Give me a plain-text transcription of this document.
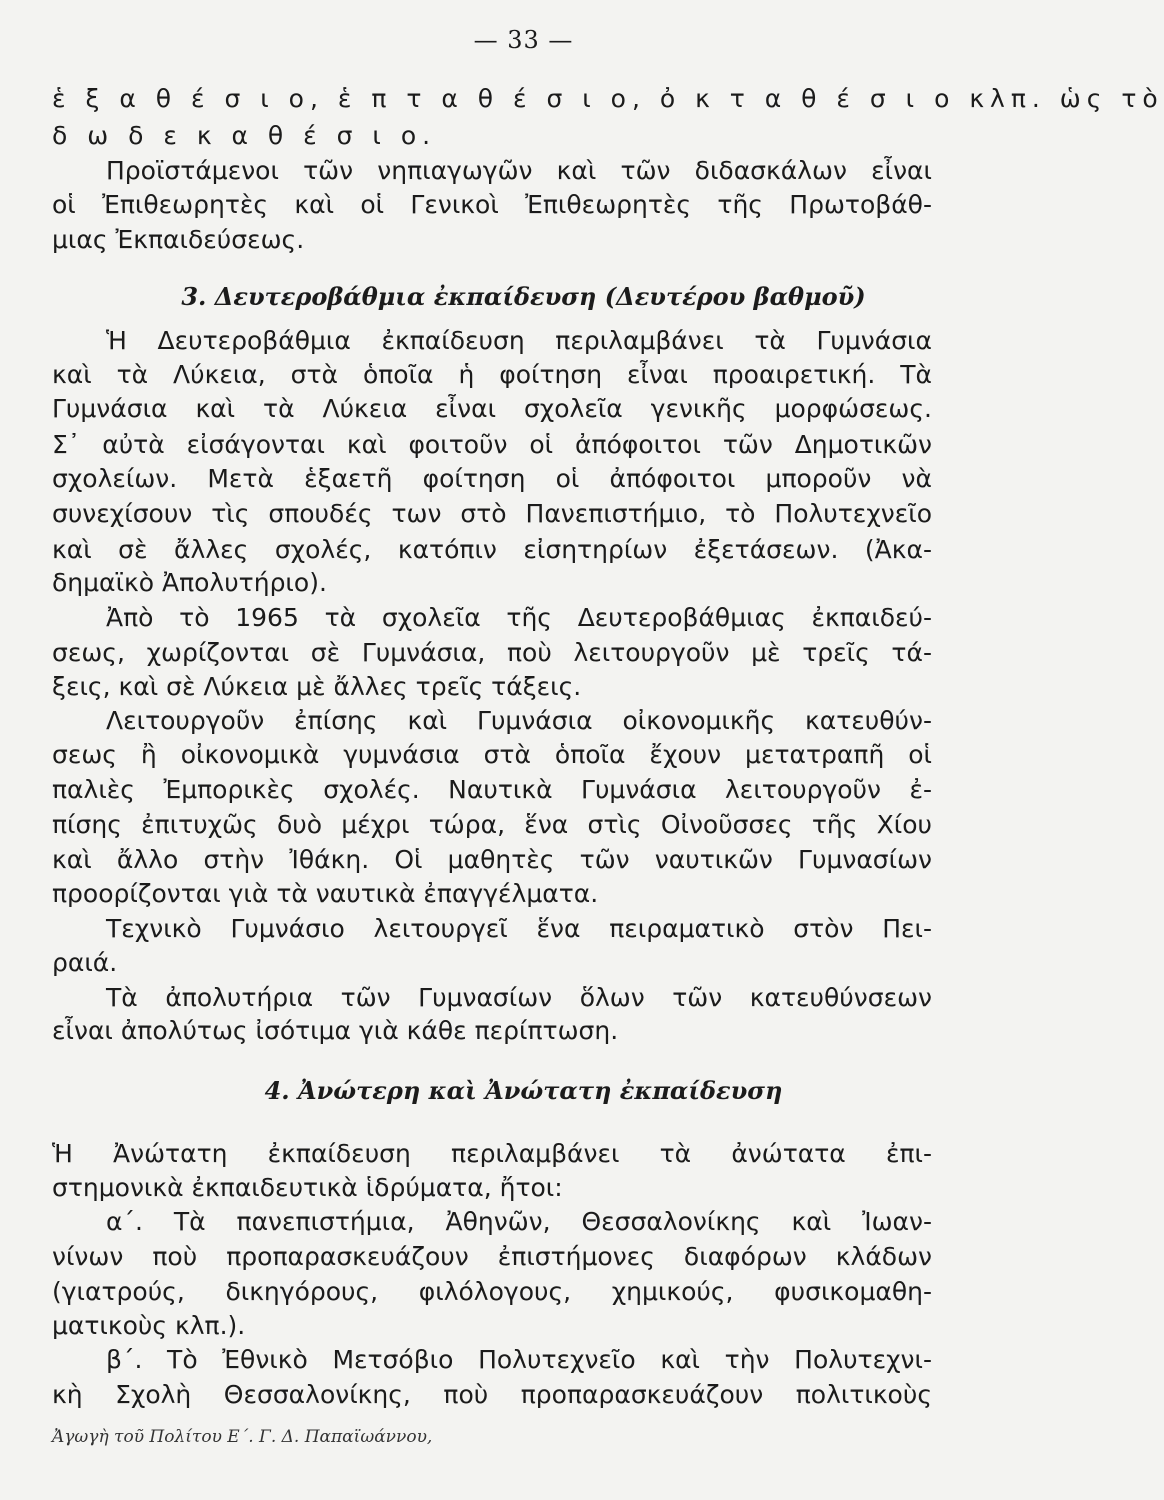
— 33 —
ἑ ξ α θ έ σ ι ο, ἑ π τ α θ έ σ ι ο, ὀ κ τ α θ έ σ ι ο κλπ. ὡς τὸ
δ ω δ ε κ α θ έ σ ι ο.
Προϊστάμενοι τῶν νηπιαγωγῶν καὶ τῶν διδασκάλων εἶναι
οἱ Ἐπιθεωρητὲς καὶ οἱ Γενικοὶ Ἐπιθεωρητὲς τῆς Πρωτοβάθ-
μιας Ἐκπαιδεύσεως.
3. Δευτεροβάθμια ἐκπαίδευση (Δευτέρου βαθμοῦ)
Ἡ Δευτεροβάθμια ἐκπαίδευση περιλαμβάνει τὰ Γυμνάσια
καὶ τὰ Λύκεια, στὰ ὁποῖα ἡ φοίτηση εἶναι προαιρετική. Τὰ
Γυμνάσια καὶ τὰ Λύκεια εἶναι σχολεῖα γενικῆς μορφώσεως.
Σ᾽ αὐτὰ εἰσάγονται καὶ φοιτοῦν οἱ ἀπόφοιτοι τῶν Δημοτικῶν
σχολείων. Μετὰ ἑξαετῆ φοίτηση οἱ ἀπόφοιτοι μποροῦν νὰ
συνεχίσουν τὶς σπουδές των στὸ Πανεπιστήμιο, τὸ Πολυτεχνεῖο
καὶ σὲ ἄλλες σχολές, κατόπιν εἰσητηρίων ἐξετάσεων. (Ἀκα-
δημαϊκὸ Ἀπολυτήριο).
Ἀπὸ τὸ 1965 τὰ σχολεῖα τῆς Δευτεροβάθμιας ἐκπαιδεύ-
σεως, χωρίζονται σὲ Γυμνάσια, ποὺ λειτουργοῦν μὲ τρεῖς τά-
ξεις, καὶ σὲ Λύκεια μὲ ἄλλες τρεῖς τάξεις.
Λειτουργοῦν ἐπίσης καὶ Γυμνάσια οἰκονομικῆς κατευθύν-
σεως ἢ οἰκονομικὰ γυμνάσια στὰ ὁποῖα ἔχουν μετατραπῆ οἱ
παλιὲς Ἐμπορικὲς σχολές. Ναυτικὰ Γυμνάσια λειτουργοῦν ἐ-
πίσης ἐπιτυχῶς δυὸ μέχρι τώρα, ἕνα στὶς Οἰνοῦσσες τῆς Χίου
καὶ ἄλλο στὴν Ἰθάκη. Οἱ μαθητὲς τῶν ναυτικῶν Γυμνασίων
προορίζονται γιὰ τὰ ναυτικὰ ἐπαγγέλματα.
Τεχνικὸ Γυμνάσιο λειτουργεῖ ἕνα πειραματικὸ στὸν Πει-
ραιά.
Τὰ ἀπολυτήρια τῶν Γυμνασίων ὅλων τῶν κατευθύνσεων
εἶναι ἀπολύτως ἰσότιμα γιὰ κάθε περίπτωση.
4. Ἀνώτερη καὶ Ἀνώτατη ἐκπαίδευση
Ἡ Ἀνώτατη ἐκπαίδευση περιλαμβάνει τὰ ἀνώτατα ἐπι-
στημονικὰ ἐκπαιδευτικὰ ἱδρύματα, ἤτοι:
α΄. Τὰ πανεπιστήμια, Ἀθηνῶν, Θεσσαλονίκης καὶ Ἰωαν-
νίνων ποὺ προπαρασκευάζουν ἐπιστήμονες διαφόρων κλάδων
(γιατρούς, δικηγόρους, φιλόλογους, χημικούς, φυσικομαθη-
ματικοὺς κλπ.).
β΄. Τὸ Ἐθνικὸ Μετσόβιο Πολυτεχνεῖο καὶ τὴν Πολυτεχνι-
κὴ Σχολὴ Θεσσαλονίκης, ποὺ προπαρασκευάζουν πολιτικοὺς
Ἀγωγὴ τοῦ Πολίτου Ε΄. Γ. Δ. Παπαϊωάννου,
